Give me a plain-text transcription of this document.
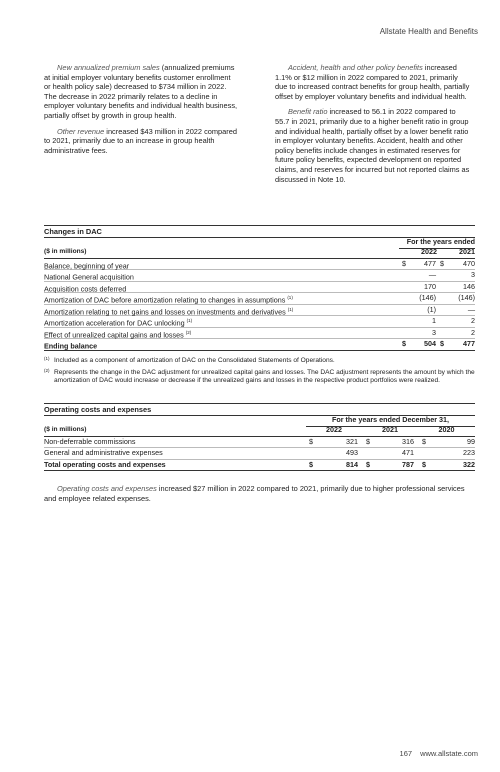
Allstate Health and Benefits

New annualized premium sales (annualized premiums at initial employer voluntary benefits customer enrollment or health policy sale) decreased to $734 million in 2022. The decrease in 2022 primarily relates to a decline in employer voluntary benefits and individual health business, partially offset by growth in group health.

Other revenue increased $43 million in 2022 compared to 2021, primarily due to an increase in group health administrative fees.

Accident, health and other policy benefits increased 1.1% or $12 million in 2022 compared to 2021, primarily due to increased contract benefits for group health, partially offset by employer voluntary benefits and individual health.

Benefit ratio increased to 56.1 in 2022 compared to 55.7 in 2021, primarily due to a higher benefit ratio in group and individual health, partially offset by a lower benefit ratio in employer voluntary benefits. Accident, health and other policy benefits include changes in estimated reserves for future policy benefits, expected development on reported claims, and reserves for incurred but not reported claims as discussed in Note 10.

Changes in DAC
For the years ended
($ in millions)	2022	2021
Balance, beginning of year	$	477 $	470
National General acquisition	—	3
Acquisition costs deferred	170	146
Amortization of DAC before amortization relating to changes in assumptions $^{(1)}$	(146)	(146)
Amortization relating to net gains and losses on investments and derivatives $^{(1)}$	(1)	—
Amortization acceleration for DAC unlocking $^{(1)}$	1	2
Effect of unrealized capital gains and losses $^{(2)}$	3	2
Ending balance	$	504 $	477
(1) Included as a component of amortization of DAC on the Consolidated Statements of Operations.
(2) Represents the change in the DAC adjustment for unrealized capital gains and losses. The DAC adjustment represents the amount by which the amortization of DAC would increase or decrease if the unrealized gains and losses in the respective product portfolios were realized.
Operating costs and expenses
For the years ended December 31,
($ in millions)	2022	2021	2020
Non-deferrable commissions	$	321 $	316 $	99
General and administrative expenses	493	471	223
Total operating costs and expenses	$	814 $	787 $	322

Operating costs and expenses increased $27 million in 2022 compared to 2021, primarily due to higher professional services and employee related expenses.

167 www.allstate.com
